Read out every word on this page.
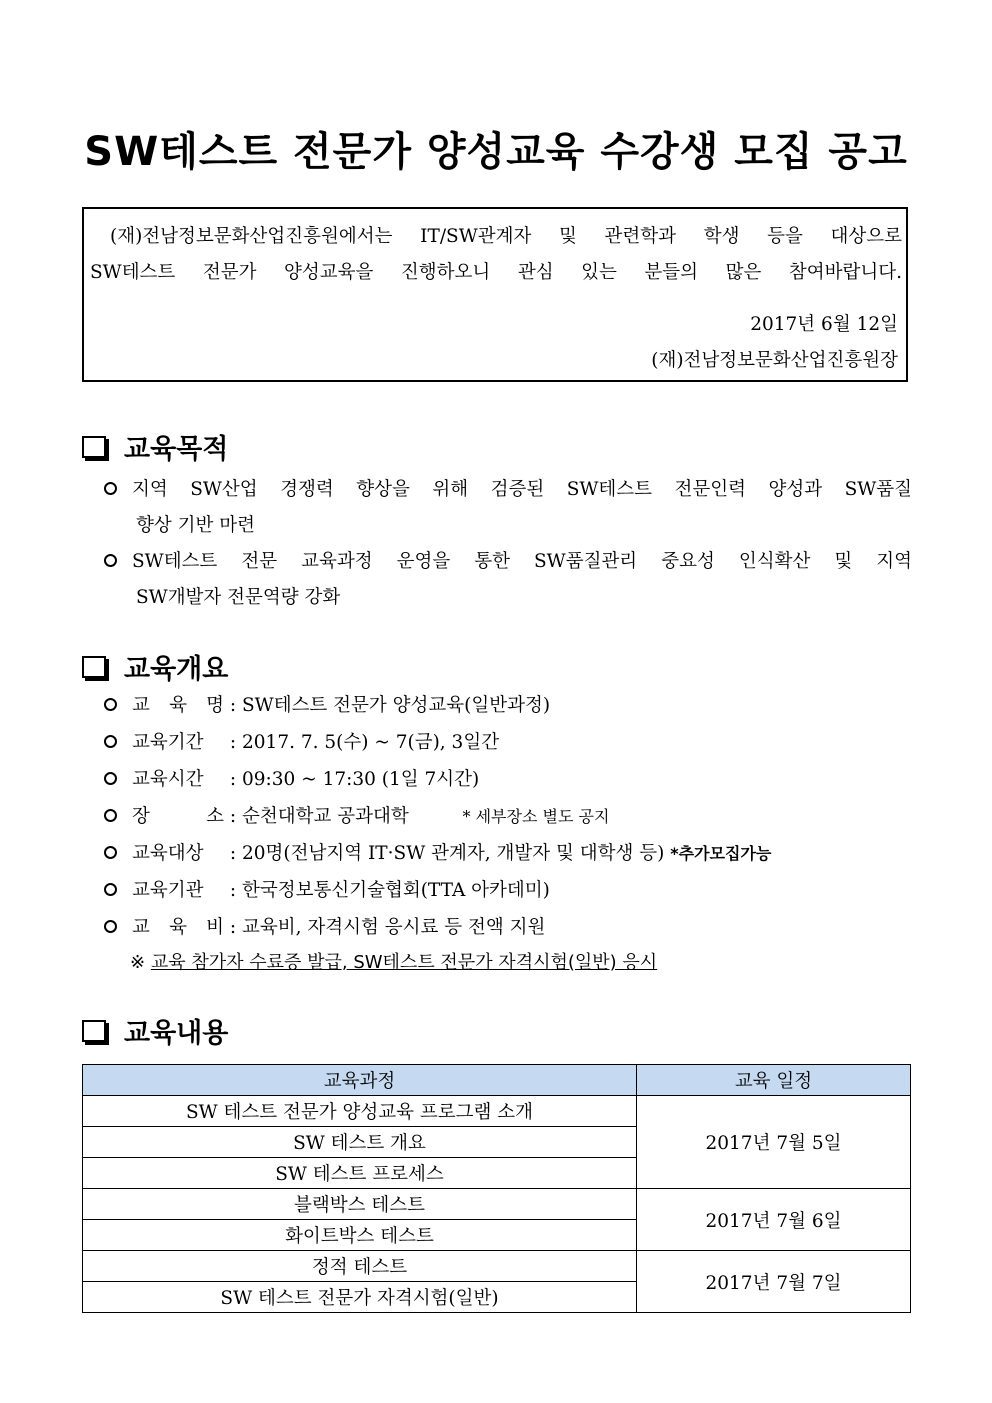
SW테스트 전문가 양성교육 수강생 모집 공고
(재)전남정보문화산업진흥원에서는 IT/SW관계자 및 관련학과 학생 등을 대상으로
SW테스트 전문가 양성교육을 진행하오니 관심 있는 분들의 많은 참여바랍니다.
2017년 6월 12일
(재)전남정보문화산업진흥원장
교육목적
지역 SW산업 경쟁력 향상을 위해 검증된 SW테스트 전문인력 양성과 SW품질
향상 기반 마련
SW테스트 전문 교육과정 운영을 통한 SW품질관리 중요성 인식확산 및 지역
SW개발자 전문역량 강화
교육개요
교 육 명 : SW테스트 전문가 양성교육(일반과정)
교육기간 : 2017. 7. 5(수) ~ 7(금), 3일간
교육시간 : 09:30 ~ 17:30 (1일 7시간)
장	소 : 순천대학교 공과대학	* 세부장소 별도 공지
교육대상 : 20명(전남지역 IT·SW 관계자, 개발자 및 대학생 등) *추가모집가능
교육기관 : 한국정보통신기술협회(TTA 아카데미)
교 육 비 : 교육비, 자격시험 응시료 등 전액 지원
※ 교육 참가자 수료증 발급, SW테스트 전문가 자격시험(일반) 응시
교육내용
교육과정	교육 일정
SW 테스트 전문가 양성교육 프로그램 소개	2017년 7월 5일
SW 테스트 개요	
SW 테스트 프로세스	
블랙박스 테스트	2017년 7월 6일
화이트박스 테스트	
정적 테스트	2017년 7월 7일
SW 테스트 전문가 자격시험(일반)	
